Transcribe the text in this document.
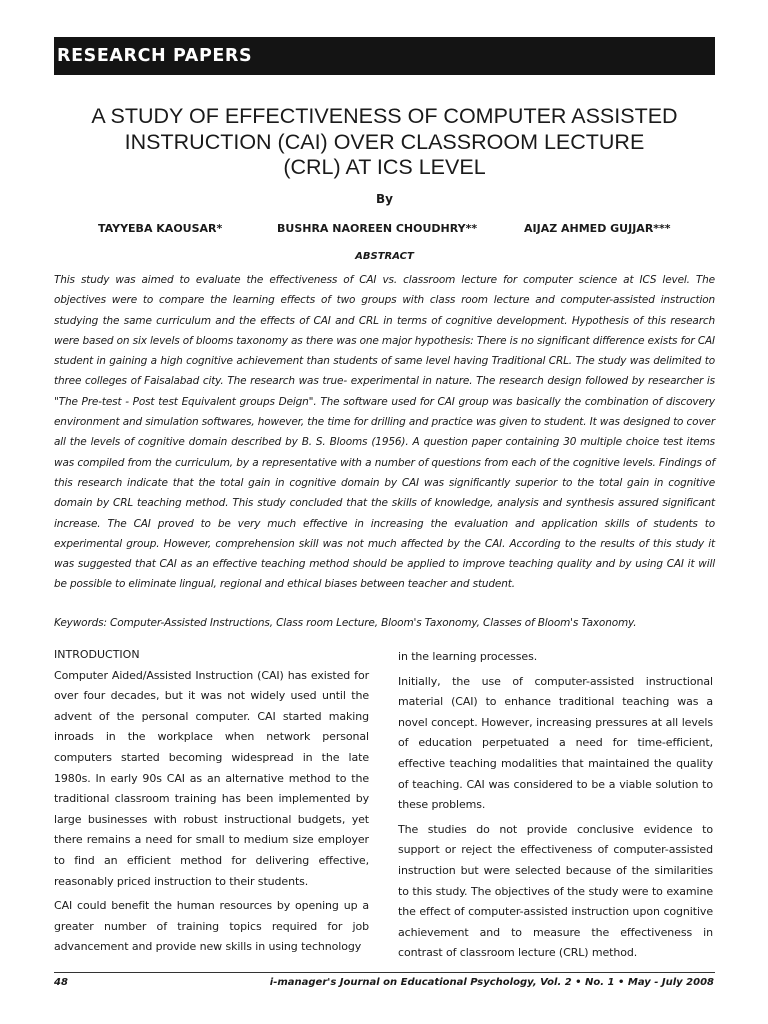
RESEARCH PAPERS
A STUDY OF EFFECTIVENESS OF COMPUTER ASSISTED
INSTRUCTION (CAI) OVER CLASSROOM LECTURE
(CRL) AT ICS LEVEL
By
TAYYEBA KAOUSAR*	BUSHRA NAOREEN CHOUDHRY**	AIJAZ AHMED GUJJAR***
ABSTRACT
This study was aimed to evaluate the effectiveness of CAI vs. classroom lecture for computer science at ICS level. The objectives were to compare the learning effects of two groups with class room lecture and computer-assisted instruction studying the same curriculum and the effects of CAI and CRL in terms of cognitive development. Hypothesis of this research were based on six levels of blooms taxonomy as there was one major hypothesis: There is no significant difference exists for CAI student in gaining a high cognitive achievement than students of same level having Traditional CRL. The study was delimited to three colleges of Faisalabad city. The research was true- experimental in nature. The research design followed by researcher is "The Pre-test - Post test Equivalent groups Deign". The software used for CAI group was basically the combination of discovery environment and simulation softwares, however, the time for drilling and practice was given to student. It was designed to cover all the levels of cognitive domain described by B. S. Blooms (1956). A question paper containing 30 multiple choice test items was compiled from the curriculum, by a representative with a number of questions from each of the cognitive levels. Findings of this research indicate that the total gain in cognitive domain by CAI was significantly superior to the total gain in cognitive domain by CRL teaching method. This study concluded that the skills of knowledge, analysis and synthesis assured significant increase. The CAI proved to be very much effective in increasing the evaluation and application skills of students to experimental group. However, comprehension skill was not much affected by the CAI. According to the results of this study it was suggested that CAI as an effective teaching method should be applied to improve teaching quality and by using CAI it will be possible to eliminate lingual, regional and ethical biases between teacher and student.
Keywords: Computer-Assisted Instructions, Class room Lecture, Bloom's Taxonomy, Classes of Bloom's Taxonomy.

INTRODUCTION

Computer Aided/Assisted Instruction (CAI) has existed for over four decades, but it was not widely used until the advent of the personal computer. CAI started making inroads in the workplace when network personal computers started becoming widespread in the late 1980s. In early 90s CAI as an alternative method to the traditional classroom training has been implemented by large businesses with robust instructional budgets, yet there remains a need for small to medium size employer to find an efficient method for delivering effective, reasonably priced instruction to their students.

CAI could benefit the human resources by opening up a greater number of training topics required for job advancement and provide new skills in using technology

in the learning processes.

Initially, the use of computer-assisted instructional material (CAI) to enhance traditional teaching was a novel concept. However, increasing pressures at all levels of education perpetuated a need for time-efficient, effective teaching modalities that maintained the quality of teaching. CAI was considered to be a viable solution to these problems.

The studies do not provide conclusive evidence to support or reject the effectiveness of computer-assisted instruction but were selected because of the similarities to this study. The objectives of the study were to examine the effect of computer-assisted instruction upon cognitive achievement and to measure the effectiveness in contrast of classroom lecture (CRL) method.

48	i-manager's Journal on Educational Psychology, Vol. 2 • No. 1 • May - July 2008
